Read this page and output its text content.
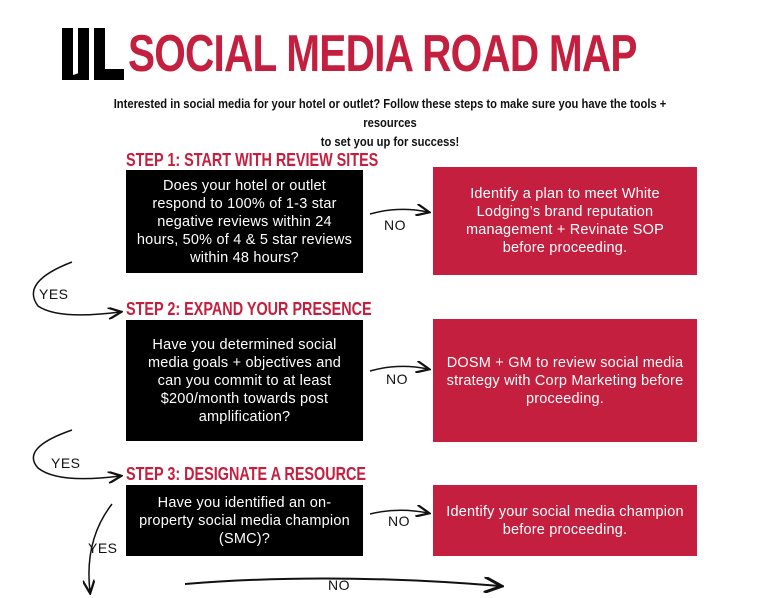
SOCIAL MEDIA ROAD MAP
Interested in social media for your hotel or outlet? Follow these steps to make sure you have the tools + resources
to set you up for success!
STEP 1: START WITH REVIEW SITES
Does your hotel or outlet respond to 100% of 1-3 star negative reviews within 24 hours, 50% of 4 & 5 star reviews within 48 hours?
NO
Identify a plan to meet White Lodging’s brand reputation management + Revinate SOP before proceeding.
YES
STEP 2: EXPAND YOUR PRESENCE
Have you determined social media goals + objectives and can you commit to at least $200/month towards post amplification?
NO
DOSM + GM to review social media strategy with Corp Marketing before proceeding.
YES
STEP 3: DESIGNATE A RESOURCE
Have you identified an on-property social media champion (SMC)?
NO
Identify your social media champion before proceeding.
YES
NO
